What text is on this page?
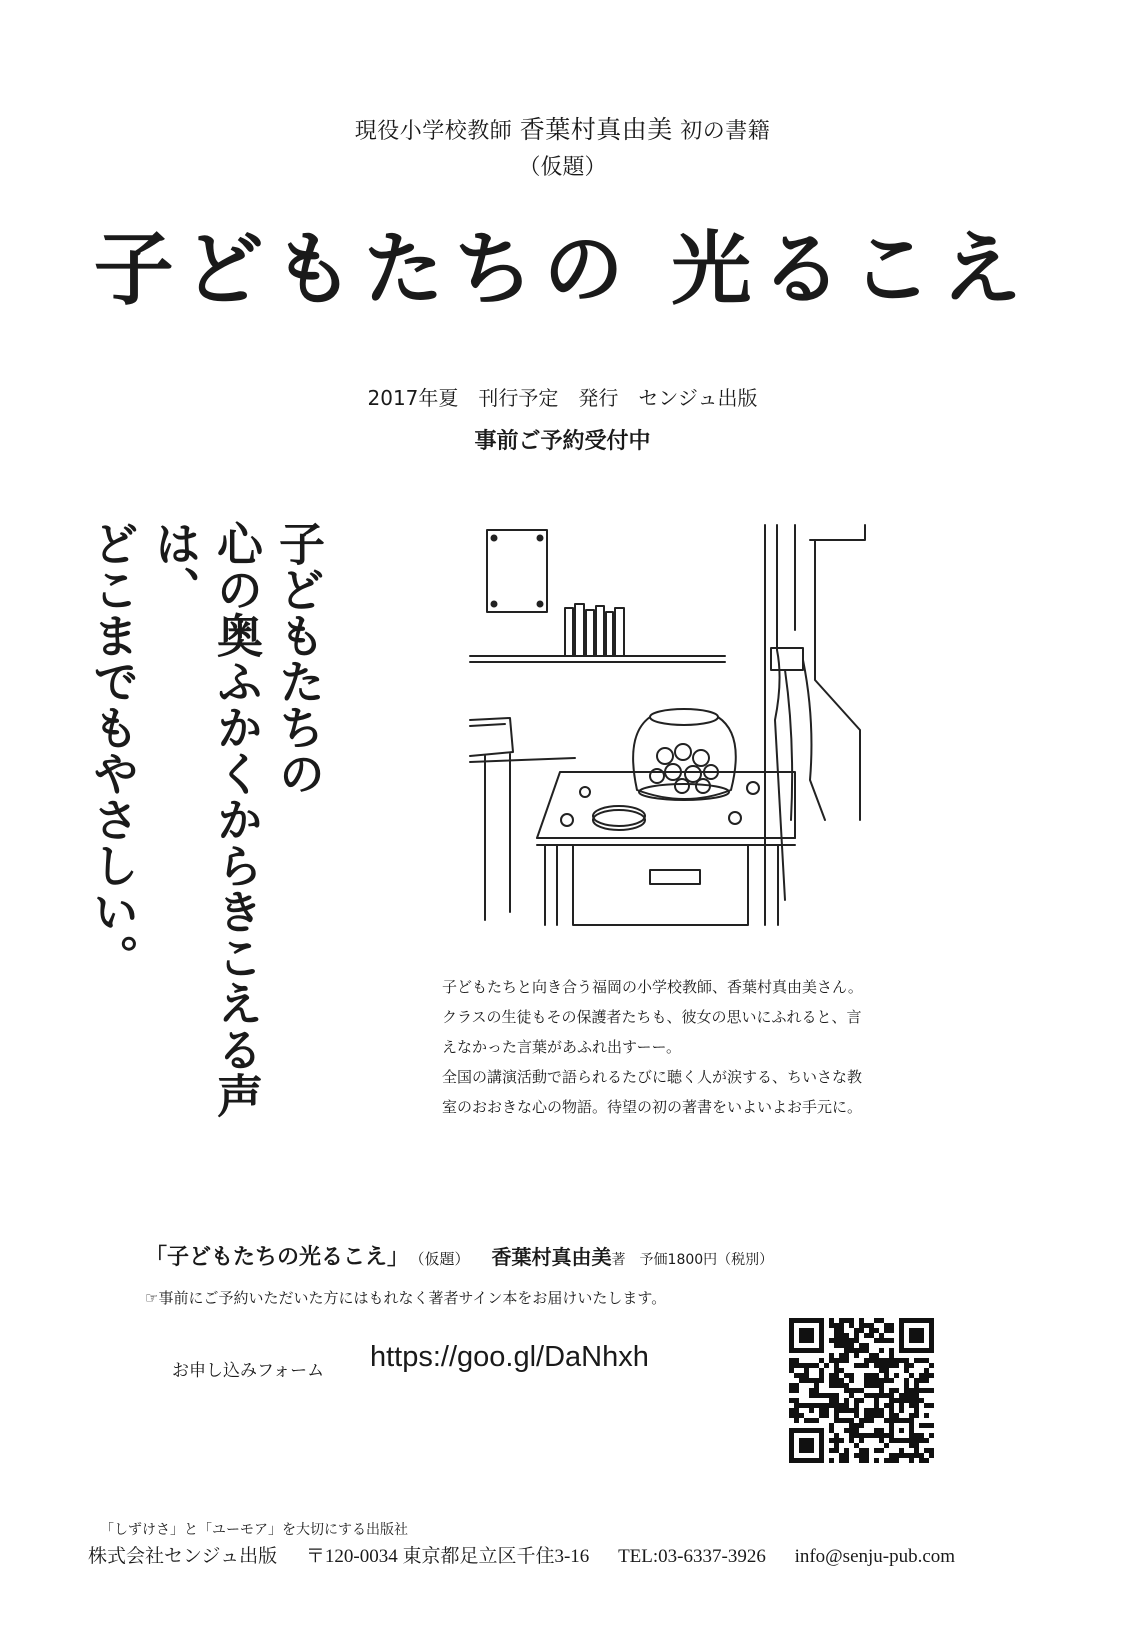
現役小学校教師 香葉村真由美 初の書籍
（仮題）
子どもたちの 光るこえ
2017年夏　刊行予定　発行　センジュ出版
事前ご予約受付中
子どもたちの
心の奥ふかくからきこえる声は、
どこまでもやさしい。
子どもたちと向き合う福岡の小学校教師、香葉村真由美さん。
クラスの生徒もその保護者たちも、彼女の思いにふれると、言
えなかった言葉があふれ出すーー。
全国の講演活動で語られるたびに聴く人が涙する、ちいさな教
室のおおきな心の物語。待望の初の著書をいよいよお手元に。
「子どもたちの光るこえ」 （仮題） 香葉村真由美著 予価1800円（税別）
☞事前にご予約いただいた方にはもれなく著者サイン本をお届けいたします。
お申し込みフォーム https://goo.gl/DaNhxh
「しずけさ」と「ユーモア」を大切にする出版社
株式会社センジュ出版 〒120-0034 東京都足立区千住3-16 TEL:03-6337-3926 info@senju-pub.com
